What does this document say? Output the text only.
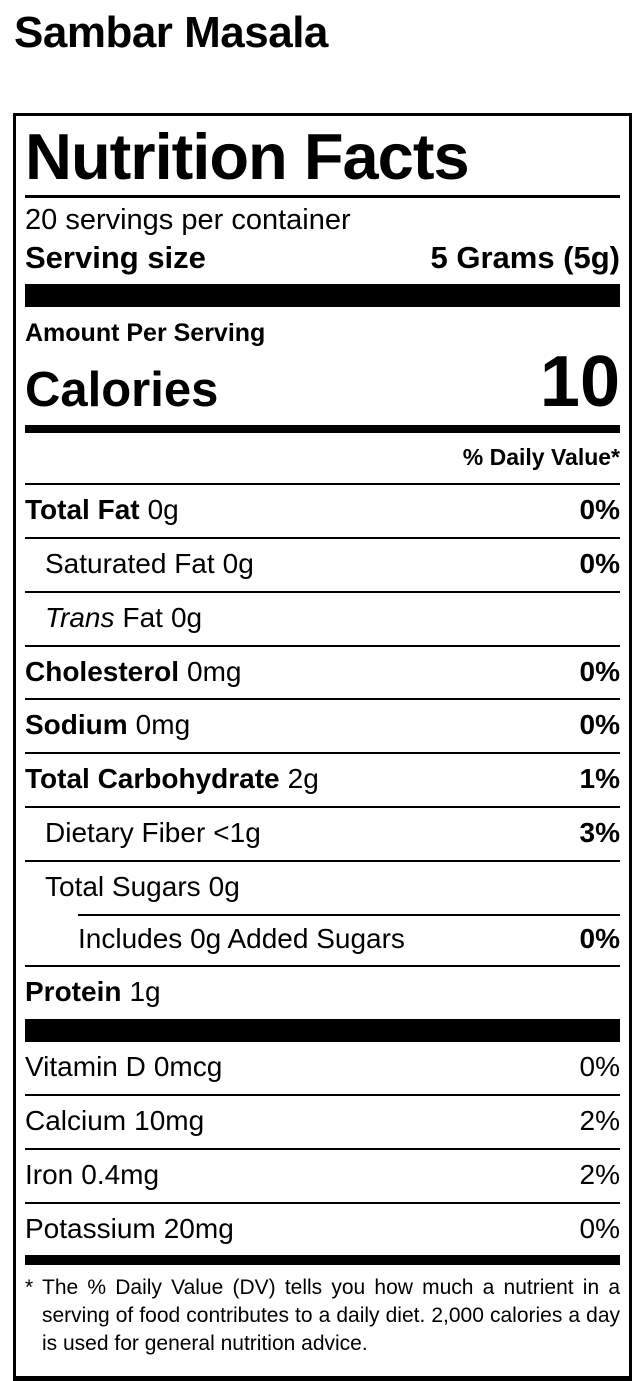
Sambar Masala
Nutrition Facts
20 servings per container
Serving size	5 Grams (5g)
Amount Per Serving
Calories	10
% Daily Value*
Total Fat 0g	0%
Saturated Fat 0g	0%
Trans Fat 0g
Cholesterol 0mg	0%
Sodium 0mg	0%
Total Carbohydrate 2g	1%
Dietary Fiber <1g	3%
Total Sugars 0g
Includes 0g Added Sugars	0%
Protein 1g
Vitamin D 0mcg	0%
Calcium 10mg	2%
Iron 0.4mg	2%
Potassium 20mg	0%
* The % Daily Value (DV) tells you how much a nutrient in a serving of food contributes to a daily diet. 2,000 calories a day is used for general nutrition advice.
